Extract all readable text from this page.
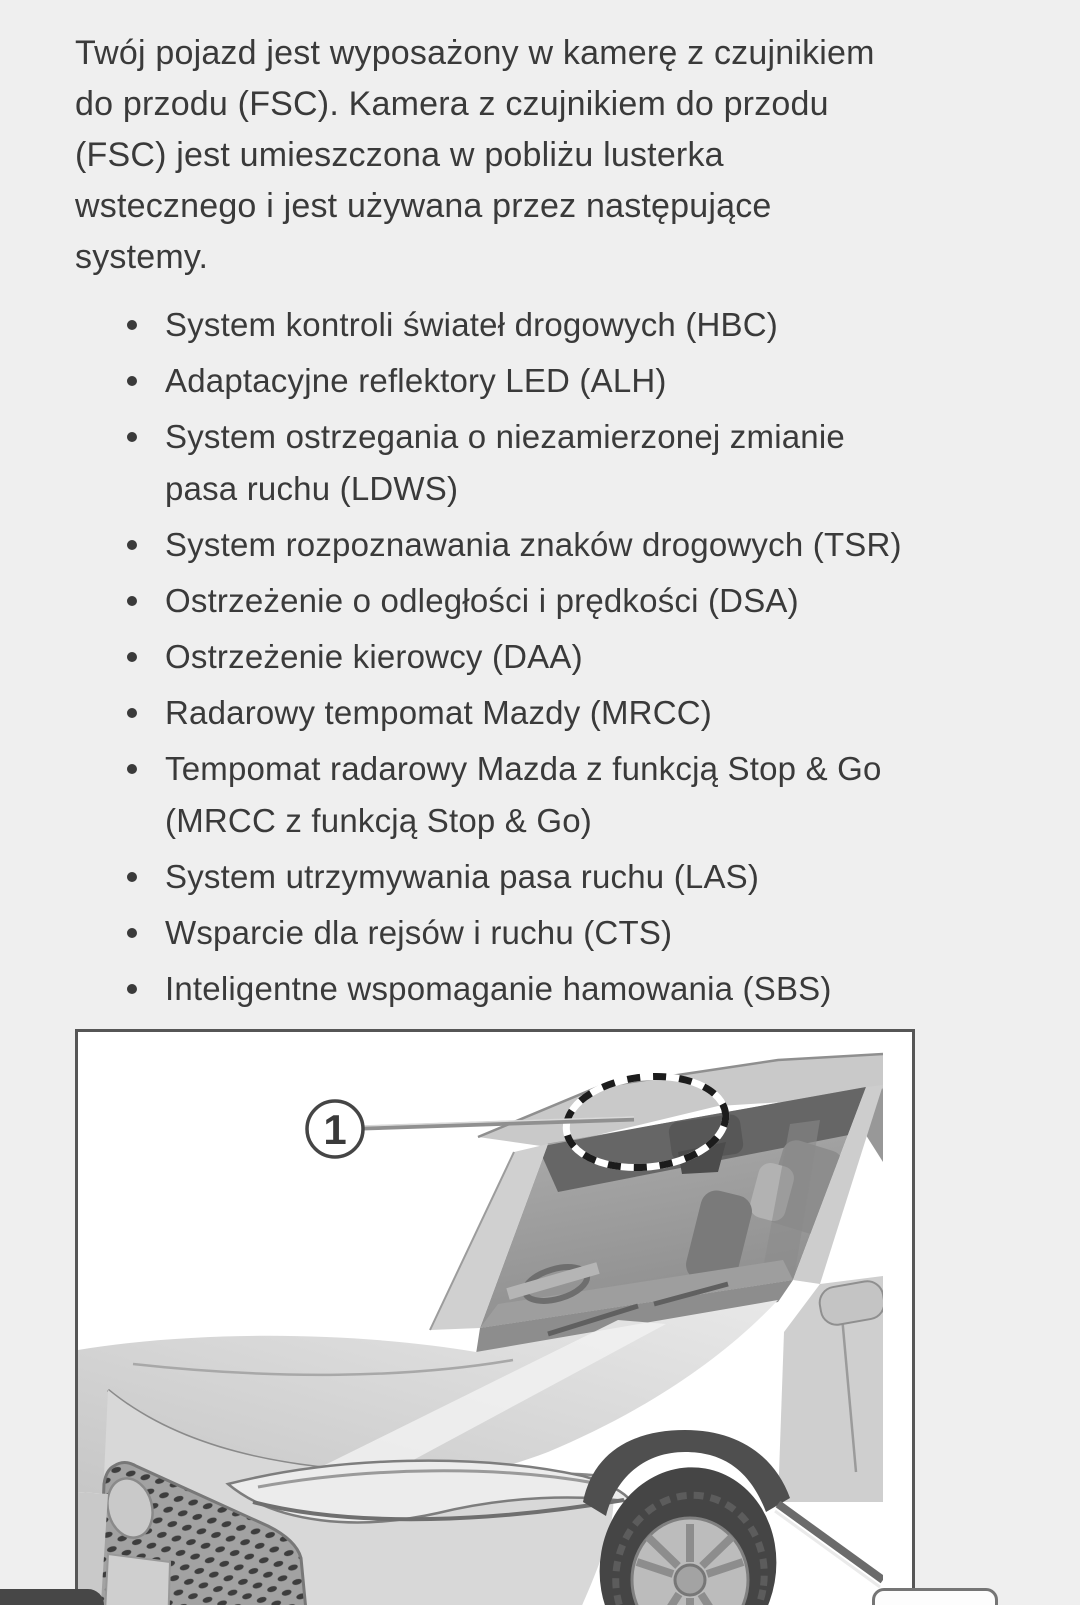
Twój pojazd jest wyposażony w kamerę z czujnikiem
do przodu (FSC). Kamera z czujnikiem do przodu
(FSC) jest umieszczona w pobliżu lusterka
wstecznego i jest używana przez następujące
systemy.
System kontroli świateł drogowych (HBC)
Adaptacyjne reflektory LED (ALH)
System ostrzegania o niezamierzonej zmianie
pasa ruchu (LDWS)
System rozpoznawania znaków drogowych (TSR)
Ostrzeżenie o odległości i prędkości (DSA)
Ostrzeżenie kierowcy (DAA)
Radarowy tempomat Mazdy (MRCC)
Tempomat radarowy Mazda z funkcją Stop & Go
(MRCC z funkcją Stop & Go)
System utrzymywania pasa ruchu (LAS)
Wsparcie dla rejsów i ruchu (CTS)
Inteligentne wspomaganie hamowania (SBS)
1
